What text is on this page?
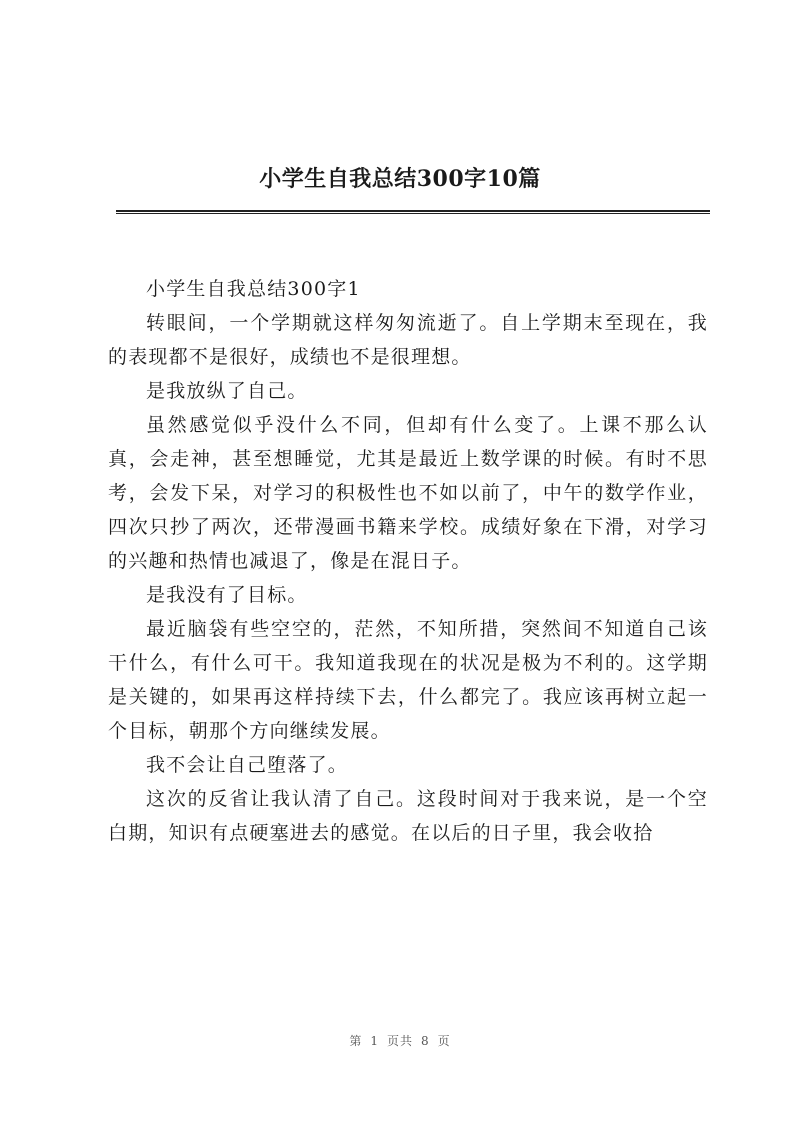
小学生自我总结300字10篇

小学生自我总结300字1

转眼间，一个学期就这样匆匆流逝了。自上学期末至现在，我的表现都不是很好，成绩也不是很理想。

是我放纵了自己。

虽然感觉似乎没什么不同，但却有什么变了。上课不那么认真，会走神，甚至想睡觉，尤其是最近上数学课的时候。有时不思考，会发下呆，对学习的积极性也不如以前了，中午的数学作业，四次只抄了两次，还带漫画书籍来学校。成绩好象在下滑，对学习的兴趣和热情也减退了，像是在混日子。

是我没有了目标。

最近脑袋有些空空的，茫然，不知所措，突然间不知道自己该干什么，有什么可干。我知道我现在的状况是极为不利的。这学期是关键的，如果再这样持续下去，什么都完了。我应该再树立起一个目标，朝那个方向继续发展。

我不会让自己堕落了。

这次的反省让我认清了自己。这段时间对于我来说，是一个空白期，知识有点硬塞进去的感觉。在以后的日子里，我会收拾

第 1 页共 8 页
